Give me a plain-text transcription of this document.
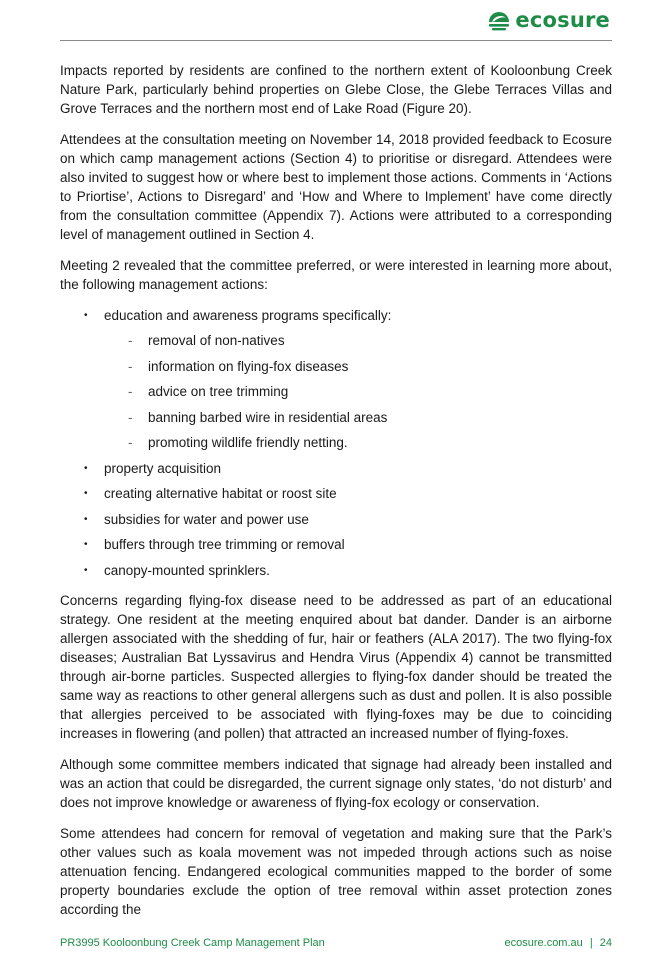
ecosure

Impacts reported by residents are confined to the northern extent of Kooloonbung Creek Nature Park, particularly behind properties on Glebe Close, the Glebe Terraces Villas and Grove Terraces and the northern most end of Lake Road (Figure 20).

Attendees at the consultation meeting on November 14, 2018 provided feedback to Ecosure on which camp management actions (Section 4) to prioritise or disregard. Attendees were also invited to suggest how or where best to implement those actions. Comments in ‘Actions to Priortise’, Actions to Disregard’ and ‘How and Where to Implement’ have come directly from the consultation committee (Appendix 7). Actions were attributed to a corresponding level of management outlined in Section 4.

Meeting 2 revealed that the committee preferred, or were interested in learning more about, the following management actions:

• education and awareness programs specifically:
- removal of non-natives
- information on flying-fox diseases
- advice on tree trimming
- banning barbed wire in residential areas
- promoting wildlife friendly netting.
• property acquisition
• creating alternative habitat or roost site
• subsidies for water and power use
• buffers through tree trimming or removal
• canopy-mounted sprinklers.

Concerns regarding flying-fox disease need to be addressed as part of an educational strategy. One resident at the meeting enquired about bat dander. Dander is an airborne allergen associated with the shedding of fur, hair or feathers (ALA 2017). The two flying-fox diseases; Australian Bat Lyssavirus and Hendra Virus (Appendix 4) cannot be transmitted through air-borne particles. Suspected allergies to flying-fox dander should be treated the same way as reactions to other general allergens such as dust and pollen. It is also possible that allergies perceived to be associated with flying-foxes may be due to coinciding increases in flowering (and pollen) that attracted an increased number of flying-foxes.

Although some committee members indicated that signage had already been installed and was an action that could be disregarded, the current signage only states, ‘do not disturb’ and does not improve knowledge or awareness of flying-fox ecology or conservation.

Some attendees had concern for removal of vegetation and making sure that the Park’s other values such as koala movement was not impeded through actions such as noise attenuation fencing. Endangered ecological communities mapped to the border of some property boundaries exclude the option of tree removal within asset protection zones according the

PR3995 Kooloonbung Creek Camp Management Plan	ecosure.com.au | 24
